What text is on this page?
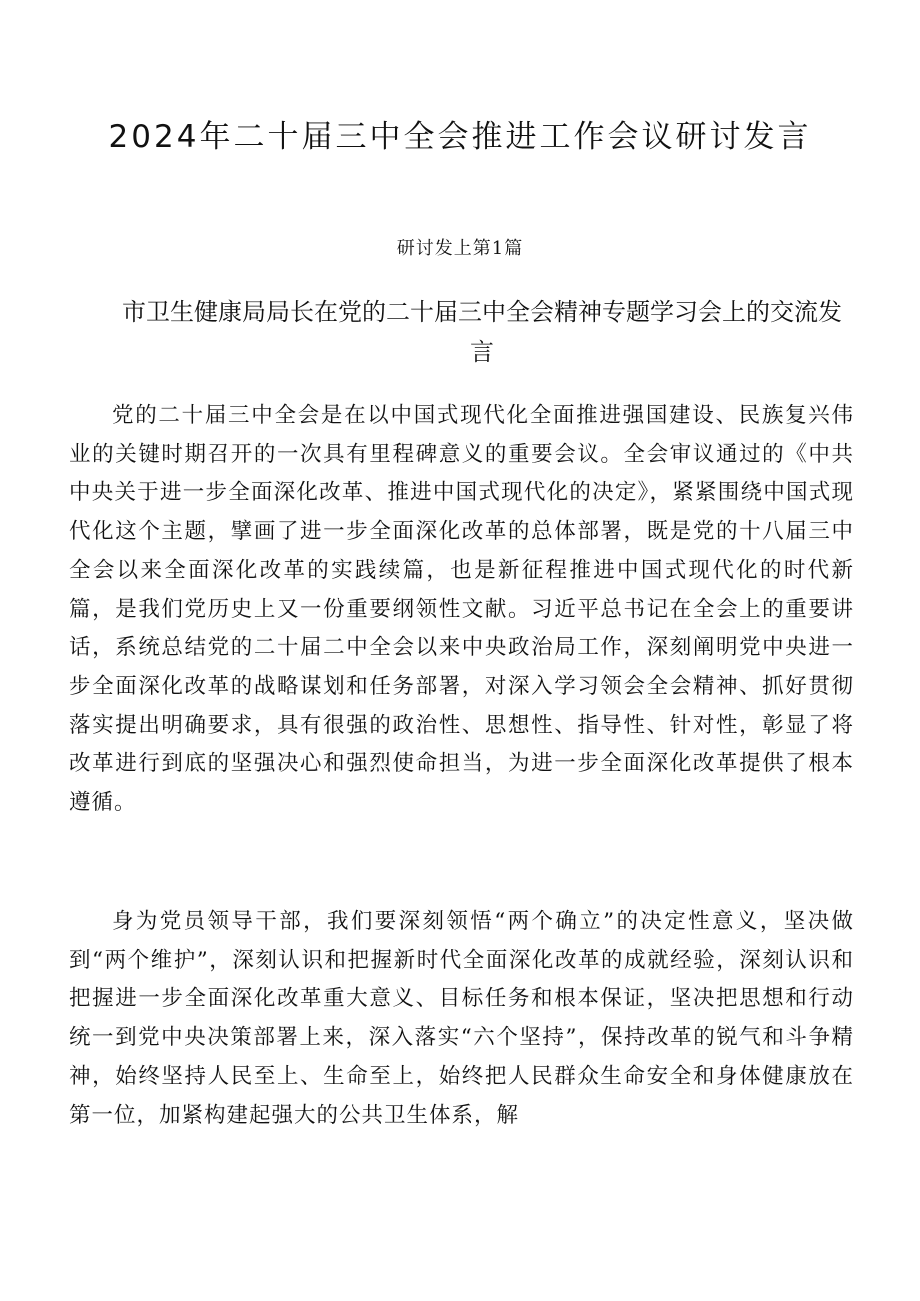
2024年二十届三中全会推进工作会议研讨发言

研讨发上第1篇

市卫生健康局局长在党的二十届三中全会精神专题学习会上的交流发言

党的二十届三中全会是在以中国式现代化全面推进强国建设、民族复兴伟业的关键时期召开的一次具有里程碑意义的重要会议。全会审议通过的《中共中央关于进一步全面深化改革、推进中国式现代化的决定》，紧紧围绕中国式现代化这个主题，擘画了进一步全面深化改革的总体部署，既是党的十八届三中全会以来全面深化改革的实践续篇，也是新征程推进中国式现代化的时代新篇，是我们党历史上又一份重要纲领性文献。习近平总书记在全会上的重要讲话，系统总结党的二十届二中全会以来中央政治局工作，深刻阐明党中央进一步全面深化改革的战略谋划和任务部署，对深入学习领会全会精神、抓好贯彻落实提出明确要求，具有很强的政治性、思想性、指导性、针对性，彰显了将改革进行到底的坚强决心和强烈使命担当，为进一步全面深化改革提供了根本遵循。

身为党员领导干部，我们要深刻领悟“两个确立”的决定性意义，坚决做到“两个维护”，深刻认识和把握新时代全面深化改革的成就经验，深刻认识和把握进一步全面深化改革重大意义、目标任务和根本保证，坚决把思想和行动统一到党中央决策部署上来，深入落实“六个坚持”，保持改革的锐气和斗争精神，始终坚持人民至上、生命至上，始终把人民群众生命安全和身体健康放在第一位，加紧构建起强大的公共卫生体系，解
